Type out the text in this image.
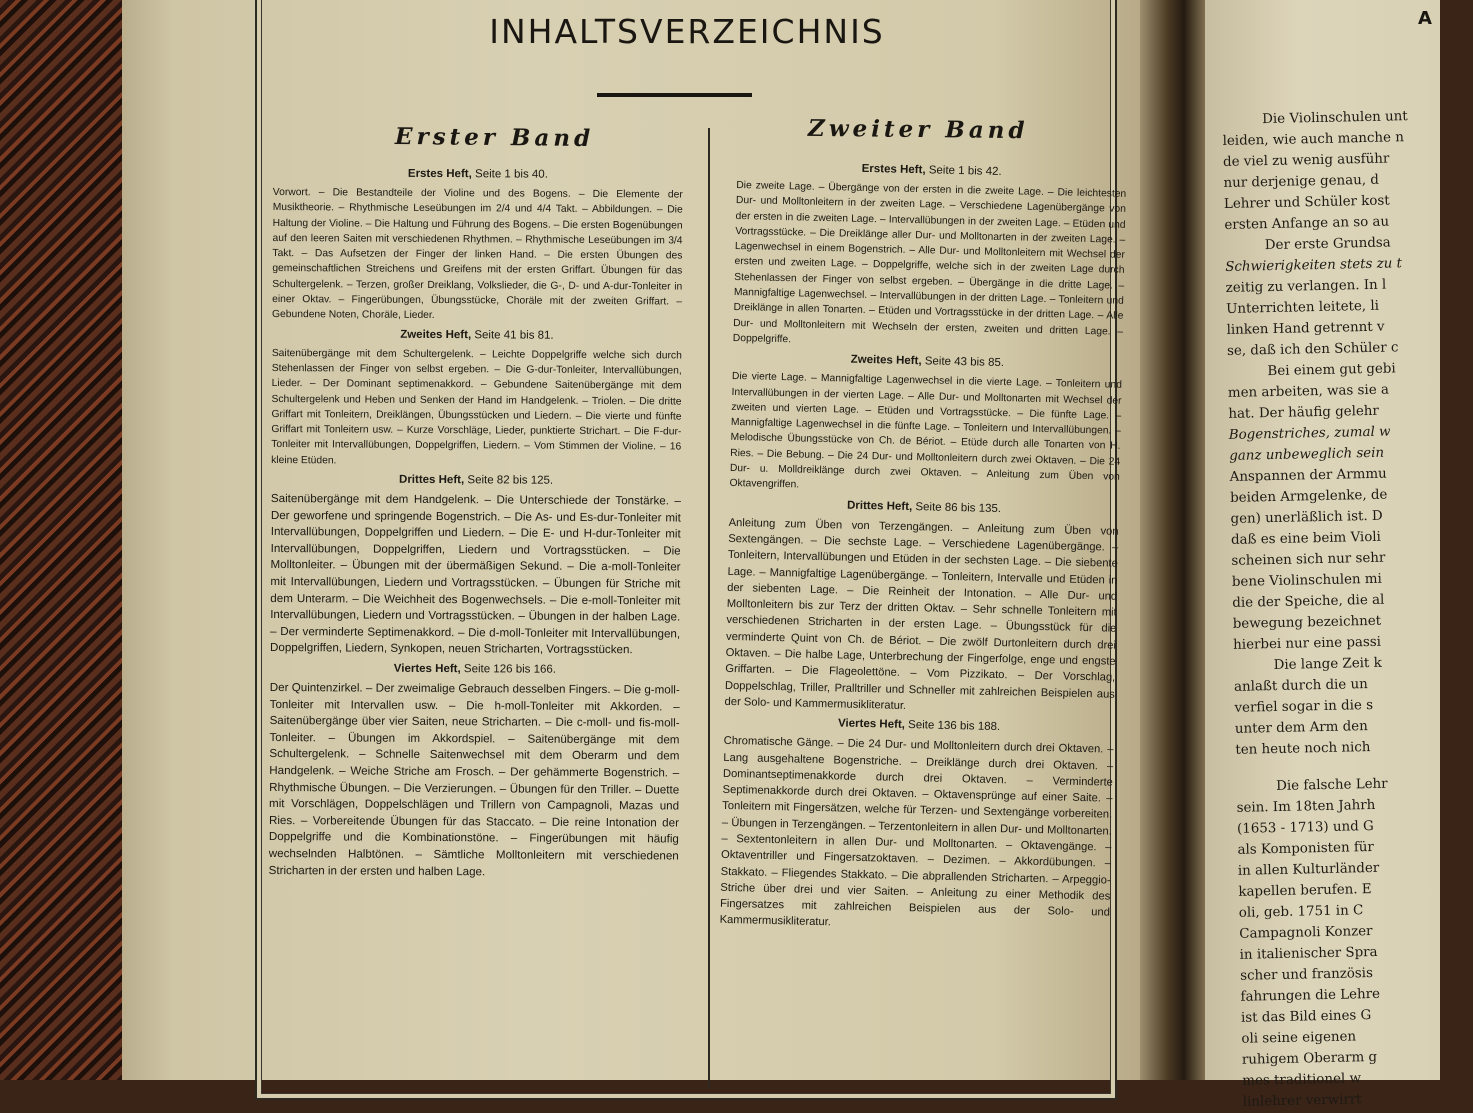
INHALTSVERZEICHNIS
Erster Band	Zweiter Band
Erstes Heft, Seite 1 bis 40.
Vorwort. – Die Bestandteile der Violine und des Bogens. – Die Elemente der Musiktheorie. – Rhythmische Leseübungen im 2/4 und 4/4 Takt. – Abbildungen. – Die Haltung der Violine. – Die Haltung und Führung des Bogens. – Die ersten Bogenübungen auf den leeren Saiten mit verschiedenen Rhythmen. – Rhythmische Leseübungen im 3/4 Takt. – Das Aufsetzen der Finger der linken Hand. – Die ersten Übungen des gemeinschaftlichen Streichens und Greifens mit der ersten Griffart. Übungen für das Schultergelenk. – Terzen, großer Dreiklang, Volkslieder, die G-, D- und A-dur-Tonleiter in einer Oktav. – Fingerübungen, Übungsstücke, Choräle mit der zweiten Griffart. – Gebundene Noten, Choräle, Lieder.
Zweites Heft, Seite 41 bis 81.
Saitenübergänge mit dem Schultergelenk. – Leichte Doppelgriffe welche sich durch Stehenlassen der Finger von selbst ergeben. – Die G-dur-Tonleiter, Intervallübungen, Lieder. – Der Dominant septimenakkord. – Gebundene Saitenübergänge mit dem Schultergelenk und Heben und Senken der Hand im Handgelenk. – Triolen. – Die dritte Griffart mit Tonleitern, Dreiklängen, Übungsstücken und Liedern. – Die vierte und fünfte Griffart mit Tonleitern usw. – Kurze Vorschläge, Lieder, punktierte Strichart. – Die F-dur-Tonleiter mit Intervallübungen, Doppelgriffen, Liedern. – Vom Stimmen der Violine. – 16 kleine Etüden.
Drittes Heft, Seite 82 bis 125.
Saitenübergänge mit dem Handgelenk. – Die Unterschiede der Tonstärke. – Der geworfene und springende Bogenstrich. – Die As- und Es-dur-Tonleiter mit Intervallübungen, Doppelgriffen und Liedern. – Die E- und H-dur-Tonleiter mit Intervallübungen, Doppelgriffen, Liedern und Vortragsstücken. – Die Molltonleiter. – Übungen mit der übermäßigen Sekund. – Die a-moll-Tonleiter mit Intervallübungen, Liedern und Vortragsstücken. – Übungen für Striche mit dem Unterarm. – Die Weichheit des Bogenwechsels. – Die e-moll-Tonleiter mit Intervallübungen, Liedern und Vortragsstücken. – Übungen in der halben Lage. – Der verminderte Septimenakkord. – Die d-moll-Tonleiter mit Intervallübungen, Doppelgriffen, Liedern, Synkopen, neuen Stricharten, Vortragsstücken.
Viertes Heft, Seite 126 bis 166.
Der Quintenzirkel. – Der zweimalige Gebrauch desselben Fingers. – Die g-moll-Tonleiter mit Intervallen usw. – Die h-moll-Tonleiter mit Akkorden. – Saitenübergänge über vier Saiten, neue Stricharten. – Die c-moll- und fis-moll-Tonleiter. – Übungen im Akkordspiel. – Saitenübergänge mit dem Schultergelenk. – Schnelle Saitenwechsel mit dem Oberarm und dem Handgelenk. – Weiche Striche am Frosch. – Der gehämmerte Bogenstrich. – Rhythmische Übungen. – Die Verzierungen. – Übungen für den Triller. – Duette mit Vorschlägen, Doppelschlägen und Trillern von Campagnoli, Mazas und Ries. – Vorbereitende Übungen für das Staccato. – Die reine Intonation der Doppelgriffe und die Kombinationstöne. – Fingerübungen mit häufig wechselnden Halbtönen. – Sämtliche Molltonleitern mit verschiedenen Stricharten in der ersten und halben Lage.
Erstes Heft, Seite 1 bis 42.
Die zweite Lage. – Übergänge von der ersten in die zweite Lage. – Die leichtesten Dur- und Molltonleitern in der zweiten Lage. – Verschiedene Lagenübergänge von der ersten in die zweiten Lage. – Intervallübungen in der zweiten Lage. – Etüden und Vortragsstücke. – Die Dreiklänge aller Dur- und Molltonarten in der zweiten Lage. – Lagenwechsel in einem Bogenstrich. – Alle Dur- und Molltonleitern mit Wechsel der ersten und zweiten Lage. – Doppelgriffe, welche sich in der zweiten Lage durch Stehenlassen der Finger von selbst ergeben. – Übergänge in die dritte Lage. – Mannigfaltige Lagenwechsel. – Intervallübungen in der dritten Lage. – Tonleitern und Dreiklänge in allen Tonarten. – Etüden und Vortragsstücke in der dritten Lage. – Alle Dur- und Molltonleitern mit Wechseln der ersten, zweiten und dritten Lage. – Doppelgriffe.
Zweites Heft, Seite 43 bis 85.
Die vierte Lage. – Mannigfaltige Lagenwechsel in die vierte Lage. – Tonleitern und Intervallübungen in der vierten Lage. – Alle Dur- und Molltonarten mit Wechsel der zweiten und vierten Lage. – Etüden und Vortragsstücke. – Die fünfte Lage. – Mannigfaltige Lagenwechsel in die fünfte Lage. – Tonleitern und Intervallübungen. – Melodische Übungsstücke von Ch. de Bériot. – Etüde durch alle Tonarten von H. Ries. – Die Bebung. – Die 24 Dur- und Molltonleitern durch zwei Oktaven. – Die 24 Dur- u. Molldreiklänge durch zwei Oktaven. – Anleitung zum Üben von Oktavengriffen.
Drittes Heft, Seite 86 bis 135.
Anleitung zum Üben von Terzengängen. – Anleitung zum Üben von Sextengängen. – Die sechste Lage. – Verschiedene Lagenübergänge. – Tonleitern, Intervallübungen und Etüden in der sechsten Lage. – Die siebente Lage. – Mannigfaltige Lagenübergänge. – Tonleitern, Intervalle und Etüden in der siebenten Lage. – Die Reinheit der Intonation. – Alle Dur- und Molltonleitern bis zur Terz der dritten Oktav. – Sehr schnelle Tonleitern mit verschiedenen Stricharten in der ersten Lage. – Übungsstück für die verminderte Quint von Ch. de Bériot. – Die zwölf Durtonleitern durch drei Oktaven. – Die halbe Lage, Unterbrechung der Fingerfolge, enge und engste Griffarten. – Die Flageolettöne. – Vom Pizzikato. – Der Vorschlag, Doppelschlag, Triller, Pralltriller und Schneller mit zahlreichen Beispielen aus der Solo- und Kammermusikliteratur.
Viertes Heft, Seite 136 bis 188.
Chromatische Gänge. – Die 24 Dur- und Molltonleitern durch drei Oktaven. – Lang ausgehaltene Bogenstriche. – Dreiklänge durch drei Oktaven. – Dominantseptimenakkorde durch drei Oktaven. – Verminderte Septimenakkorde durch drei Oktaven. – Oktavensprünge auf einer Saite. – Tonleitern mit Fingersätzen, welche für Terzen- und Sextengänge vorbereiten. – Übungen in Terzengängen. – Terzentonleitern in allen Dur- und Molltonarten. – Sextentonleitern in allen Dur- und Molltonarten. – Oktavengänge. – Oktaventriller und Fingersatzoktaven. – Dezimen. – Akkordübungen. – Stakkato. – Fliegendes Stakkato. – Die abprallenden Stricharten. – Arpeggio-Striche über drei und vier Saiten. – Anleitung zu einer Methodik des Fingersatzes mit zahlreichen Beispielen aus der Solo- und Kammermusikliteratur.
A
Die Violinschulen unt
leiden, wie auch manche n
de viel zu wenig ausführ
nur derjenige genau, d
Lehrer und Schüler kost
ersten Anfange an so au
Der erste Grundsa
Schwierigkeiten stets zu t
zeitig zu verlangen. In l
Unterrichten leitete, li
linken Hand getrennt v
se, daß ich den Schüler c
Bei einem gut gebi
men arbeiten, was sie a
hat. Der häufig gelehr
Bogenstriches, zumal w
ganz unbeweglich sein
Anspannen der Armmu
beiden Armgelenke, de
gen) unerläßlich ist. D
daß es eine beim Violi
scheinen sich nur sehr
bene Violinschulen mi
die der Speiche, die al
bewegung bezeichnet
hierbei nur eine passi
Die lange Zeit k
anlaßt durch die un
verfiel sogar in die s
unter dem Arm den
ten heute noch nich
Die falsche Lehr
sein. Im 18ten Jahrh
(1653 - 1713) und G
als Komponisten für
in allen Kulturländer
kapellen berufen. E
oli, geb. 1751 in C
Campagnoli Konzer
in italienischer Spra
scher und französis
fahrungen die Lehre
ist das Bild eines G
oli seine eigenen
ruhigem Oberarm g
mes traditionel w
linlehrer verwirrt
